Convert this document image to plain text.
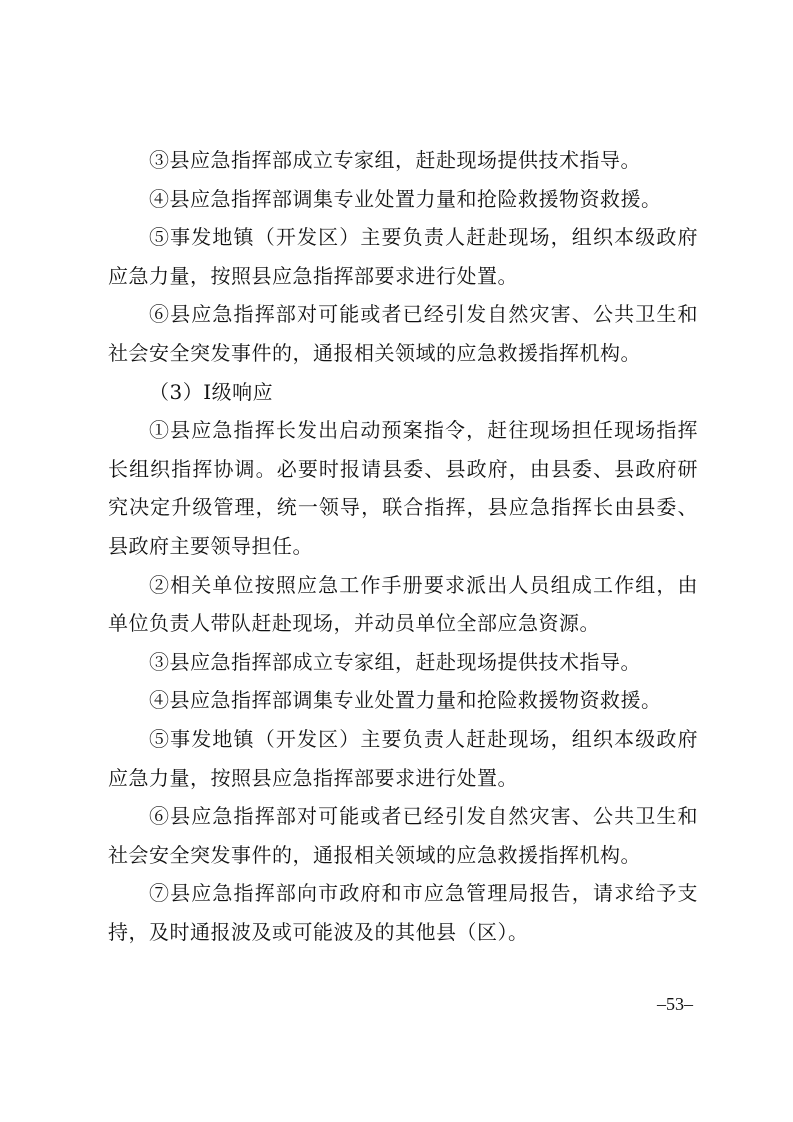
③县应急指挥部成立专家组，赶赴现场提供技术指导。

④县应急指挥部调集专业处置力量和抢险救援物资救援。

⑤事发地镇（开发区）主要负责人赶赴现场，组织本级政府应急力量，按照县应急指挥部要求进行处置。

⑥县应急指挥部对可能或者已经引发自然灾害、公共卫生和社会安全突发事件的，通报相关领域的应急救援指挥机构。

（3）Ⅰ级响应

①县应急指挥长发出启动预案指令，赶往现场担任现场指挥长组织指挥协调。必要时报请县委、县政府，由县委、县政府研究决定升级管理，统一领导，联合指挥，县应急指挥长由县委、县政府主要领导担任。

②相关单位按照应急工作手册要求派出人员组成工作组，由单位负责人带队赶赴现场，并动员单位全部应急资源。

③县应急指挥部成立专家组，赶赴现场提供技术指导。

④县应急指挥部调集专业处置力量和抢险救援物资救援。

⑤事发地镇（开发区）主要负责人赶赴现场，组织本级政府应急力量，按照县应急指挥部要求进行处置。

⑥县应急指挥部对可能或者已经引发自然灾害、公共卫生和社会安全突发事件的，通报相关领域的应急救援指挥机构。

⑦县应急指挥部向市政府和市应急管理局报告，请求给予支持，及时通报波及或可能波及的其他县（区）。

–53–
